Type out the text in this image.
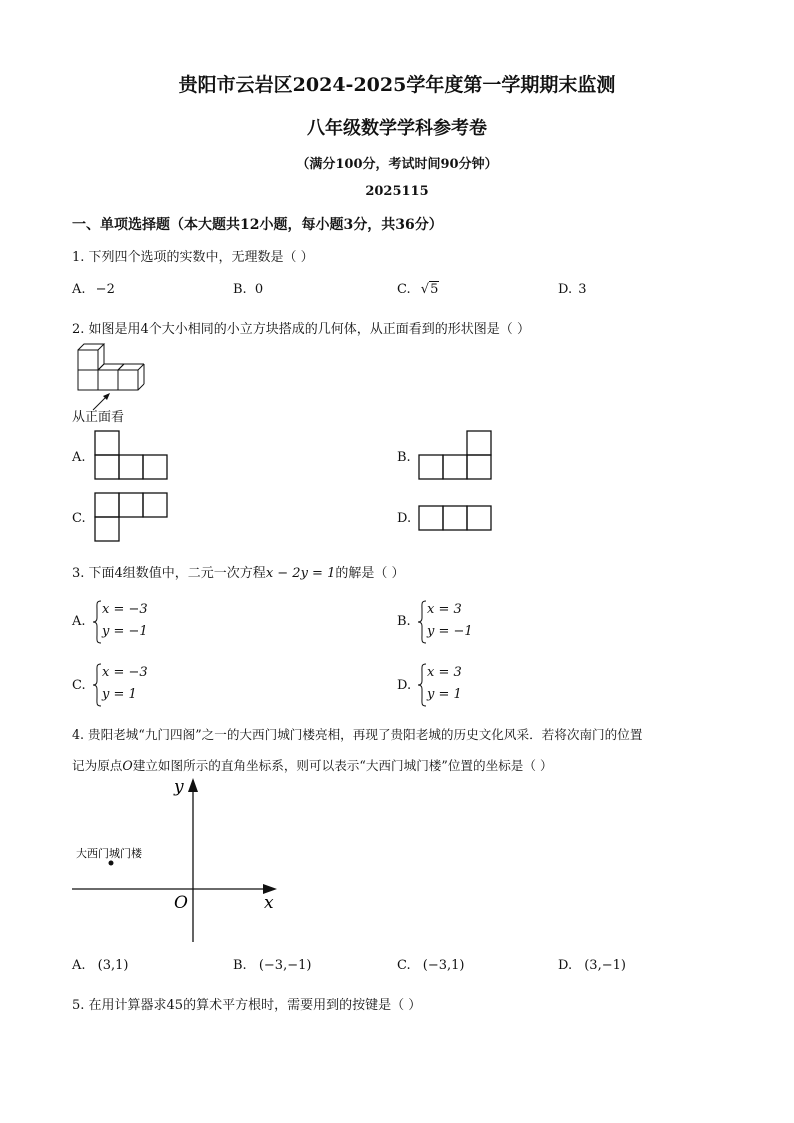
贵阳市云岩区2024-2025学年度第一学期期末监测
八年级数学学科参考卷
（满分100分，考试时间90分钟）
2025115
一、单项选择题（本大题共12小题，每小题3分，共36分）
1. 下列四个选项的实数中，无理数是（ ）
A. −2	B. 0	C. √5	D. 3
2. 如图是用4个大小相同的小立方块搭成的几何体，从正面看到的形状图是（ ）
从正面看
A.	B.
C.	D.
3. 下面4组数值中，二元一次方程x − 2y = 1的解是（ ）
A.
x = −3
y = −1
B.
x = 3
y = −1
C.
x = −3
y = 1
D.
x = 3
y = 1
4. 贵阳老城“九门四阁”之一的大西门城门楼亮相，再现了贵阳老城的历史文化风采．若将次南门的位置
记为原点O建立如图所示的直角坐标系，则可以表示“大西门城门楼”位置的坐标是（ ）
大西门城门楼
y
x
O
A. (3,1)	B. (−3,−1)	C. (−3,1)	D. (3,−1)
5. 在用计算器求45的算术平方根时，需要用到的按键是（ ）
